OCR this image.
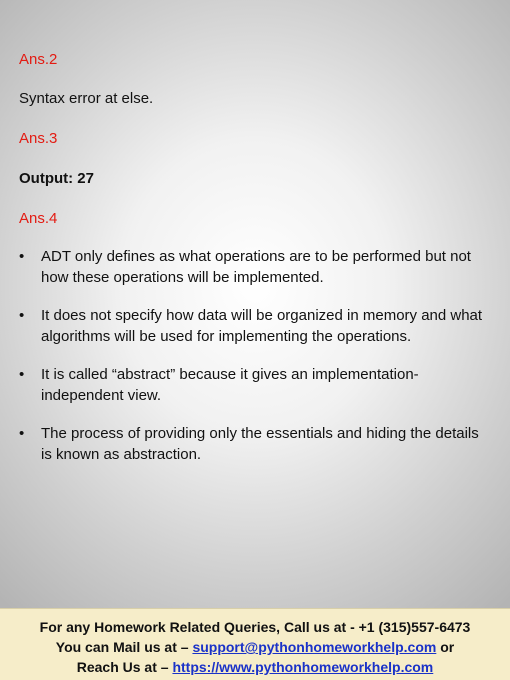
Ans.2

Syntax error at else.

Ans.3

Output: 27

Ans.4

•	ADT only defines as what operations are to be performed but not how these operations will be implemented.
•	It does not specify how data will be organized in memory and what algorithms will be used for implementing the operations.
•	It is called “abstract” because it gives an implementation-independent view.
•	The process of providing only the essentials and hiding the details is known as abstraction.

For any Homework Related Queries, Call us at - +1 (315)557-6473

You can Mail us at – support@pythonhomeworkhelp.com or

Reach Us at – https://www.pythonhomeworkhelp.com
